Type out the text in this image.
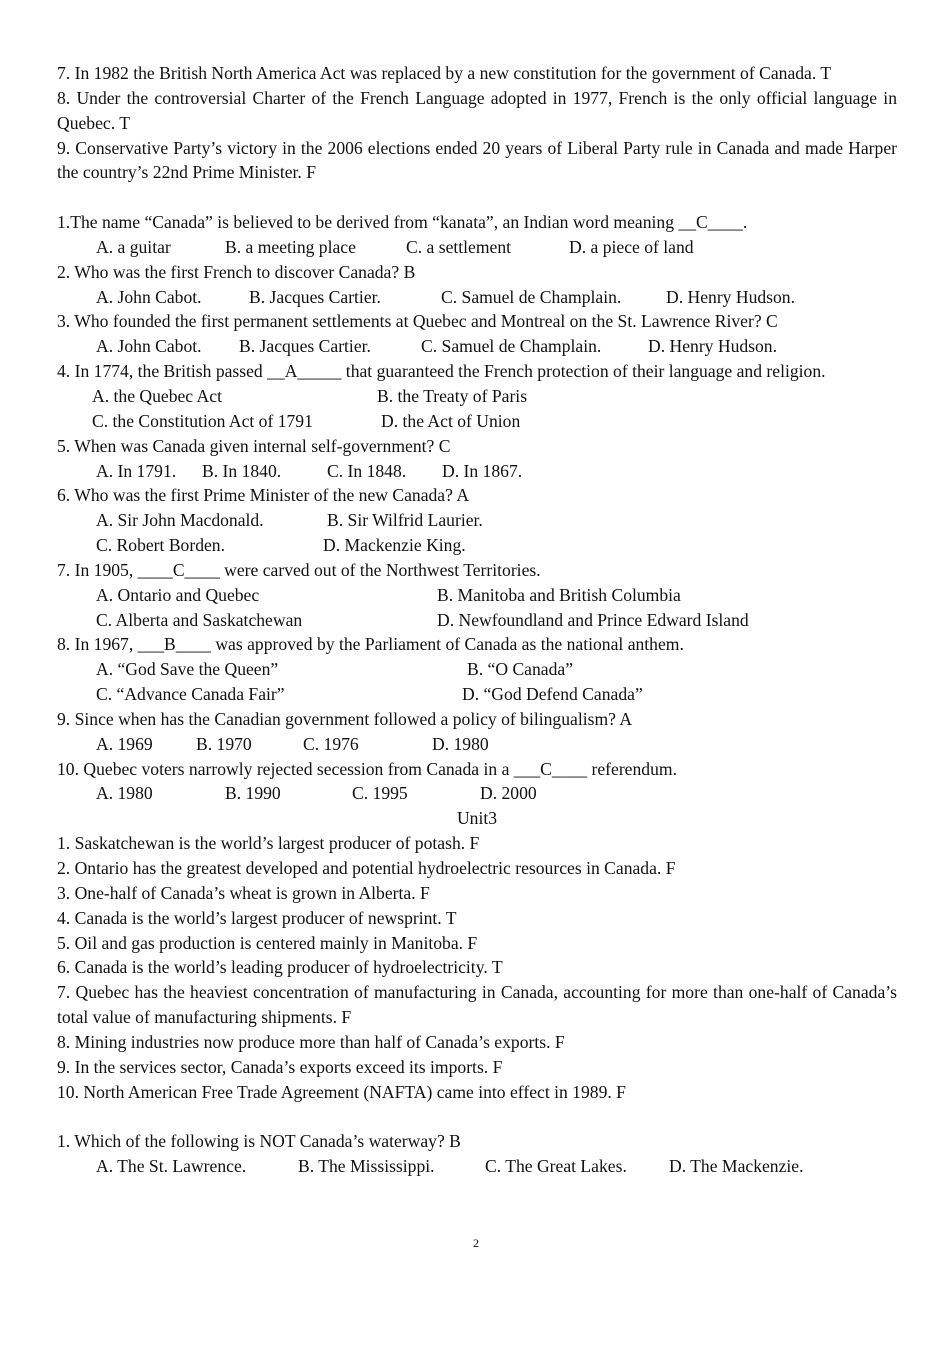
7. In 1982 the British North America Act was replaced by a new constitution for the government of Canada. T
8. Under the controversial Charter of the French Language adopted in 1977, French is the only official language in Quebec. T
9. Conservative Party’s victory in the 2006 elections ended 20 years of Liberal Party rule in Canada and made Harper the country’s 22nd Prime Minister. F
1.The name “Canada” is believed to be derived from “kanata”, an Indian word meaning __C____.
A. a guitar	B. a meeting place	C. a settlement	D. a piece of land
2. Who was the first French to discover Canada? B
A. John Cabot.	B. Jacques Cartier.	C. Samuel de Champlain.	D. Henry Hudson.
3. Who founded the first permanent settlements at Quebec and Montreal on the St. Lawrence River? C
A. John Cabot. B. Jacques Cartier.	C. Samuel de Champlain.	D. Henry Hudson.
4. In 1774, the British passed __A_____ that guaranteed the French protection of their language and religion.
A. the Quebec Act	B. the Treaty of Paris
C. the Constitution Act of 1791	D. the Act of Union
5. When was Canada given internal self-government? C
A. In 1791. B. In 1840.	C. In 1848. D. In 1867.
6. Who was the first Prime Minister of the new Canada? A
A. Sir John Macdonald.	B. Sir Wilfrid Laurier.
C. Robert Borden.	D. Mackenzie King.
7. In 1905, ____C____ were carved out of the Northwest Territories.
A. Ontario and Quebec	B. Manitoba and British Columbia
C. Alberta and Saskatchewan	D. Newfoundland and Prince Edward Island
8. In 1967, ___B____ was approved by the Parliament of Canada as the national anthem.
A. “God Save the Queen”	B. “O Canada”
C. “Advance Canada Fair”	D. “God Defend Canada”
9. Since when has the Canadian government followed a policy of bilingualism? A
A. 1969 B. 1970	C. 1976	D. 1980
10. Quebec voters narrowly rejected secession from Canada in a ___C____ referendum.
A. 1980	B. 1990	C. 1995	D. 2000
Unit3
1. Saskatchewan is the world’s largest producer of potash. F
2. Ontario has the greatest developed and potential hydroelectric resources in Canada. F
3. One-half of Canada’s wheat is grown in Alberta. F
4. Canada is the world’s largest producer of newsprint. T
5. Oil and gas production is centered mainly in Manitoba. F
6. Canada is the world’s leading producer of hydroelectricity. T
7. Quebec has the heaviest concentration of manufacturing in Canada, accounting for more than one-half of Canada’s total value of manufacturing shipments. F
8. Mining industries now produce more than half of Canada’s exports. F
9. In the services sector, Canada’s exports exceed its imports. F
10. North American Free Trade Agreement (NAFTA) came into effect in 1989. F
1. Which of the following is NOT Canada’s waterway? B
A. The St. Lawrence.	B. The Mississippi.	C. The Great Lakes. D. The Mackenzie.
2
